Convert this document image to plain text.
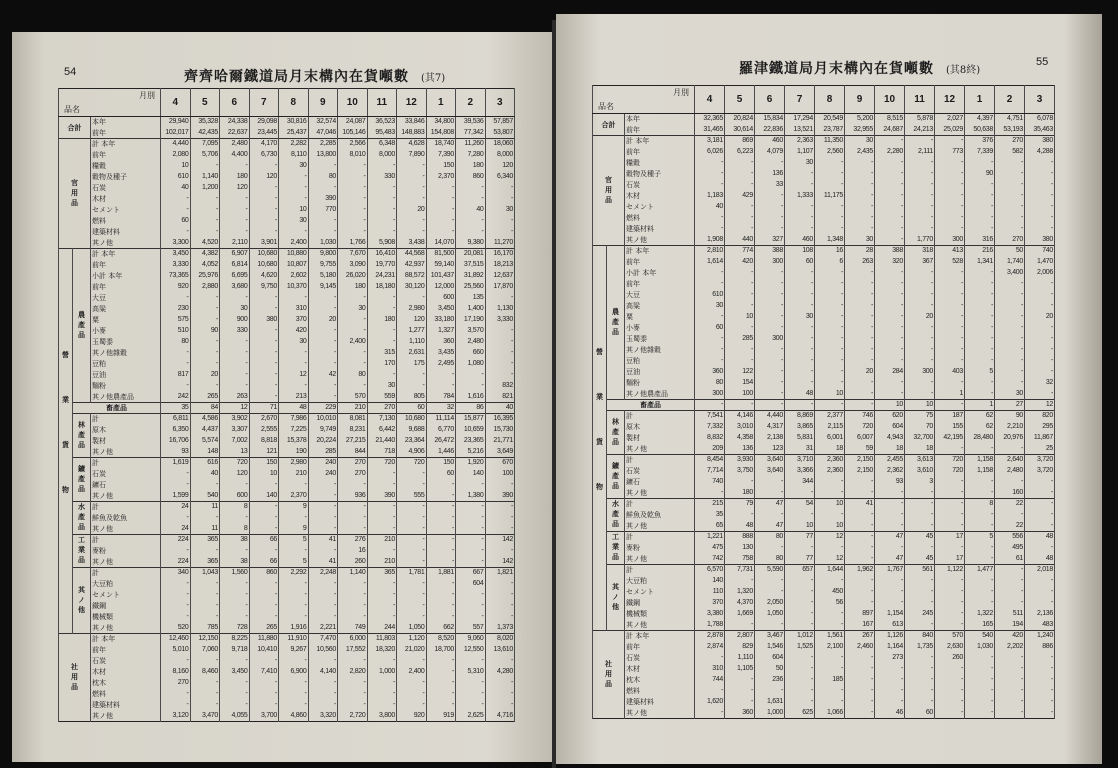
54	齊齊哈爾鐵道局月末構內在貨噸數 (其7)
月別
品名			4	5	6	7	8	9	10	11	12	1	2	3
合計		本年	29,940	35,328	24,338	29,098	30,816	32,574	24,087	36,523	33,846	34,800	39,536	57,857
		前年	102,017	42,435	22,637	23,445	25,437	47,046	105,146	95,483	148,883	154,808	77,342	53,807
官用品		計 本年	4,440	7,095	2,480	4,170	2,282	2,285	2,566	6,348	4,628	18,740	11,260	18,060
		前年	2,080	5,706	4,400	6,730	8,110	13,800	8,010	8,000	7,890	7,390	7,280	8,000
		糧穀	10	-	-	-	30	-	-	-	-	150	180	120
		穀物及種子	610	1,140	180	120	-	80	-	330	-	2,370	860	6,340
		石炭	40	1,200	120	-	-	-	-	-	-	-	-	-
		木材	-	-	-	-	-	390	-	-	-	-	-	-
		セメント	-	-	-	-	10	770	-	-	20	-	40	30
		燃料	60	-	-	-	30	-	-	-	-	-	-	-
		建築材料	-	-	-	-	-	-	-	-	-	-	-	-
		其ノ他	3,300	4,520	2,110	3,901	2,400	1,030	1,766	5,908	3,438	14,070	9,380	11,270
營業貨物	農產品	計 本年	3,450	4,382	6,907	10,680	10,880	9,800	7,670	16,410	44,568	81,500	20,081	16,170
		前年	3,330	4,052	6,814	10,680	10,807	9,755	3,090	19,770	42,937	59,140	37,515	18,213
		小計 本年	73,365	25,976	6,695	4,620	2,602	5,180	26,020	24,231	88,572	101,437	31,892	12,637
		前年	920	2,880	3,680	9,750	10,370	9,145	180	18,180	30,120	12,000	25,560	17,870
		大豆	-	-	-	-	-	-	-	-	-	600	135	-
		高粱	230	-	30	-	310	-	30	-	2,980	3,450	1,400	1,130
		粟	575	-	900	380	370	20	-	180	120	33,180	17,190	3,330
		小麥	510	90	330	-	420	-	-	-	1,277	1,327	3,570	-
		玉蜀黍	80	-	-	-	30	-	2,400	-	1,110	360	2,480	-
		其ノ他雜穀	-	-	-	-	-	-	-	315	2,631	3,435	660	-
		豆粕	-	-	-	-	-	-	-	170	175	2,495	1,080	-
		豆油	817	20	-	-	12	42	80	-	-	-	-	-
		麵粉	-	-	-	-	-	-	-	30	-	-	-	832
		其ノ他農產品	242	265	263	-	213	-	570	559	805	784	1,616	821
	畜產品		35	84	12	71	48	229	210	270	60	32	86	40
	林產品	計	6,811	4,586	3,902	2,670	7,986	10,010	8,081	7,130	10,680	11,114	15,877	16,395
		原木	6,350	4,437	3,307	2,555	7,225	9,749	8,231	6,442	9,688	6,770	10,659	15,730
		製材	16,706	5,574	7,002	8,818	15,378	20,224	27,215	21,440	23,364	26,472	23,365	21,771
		其ノ他	93	148	13	121	190	285	844	718	4,906	1,446	5,216	3,649
	鑛產品	計	1,619	616	720	150	2,980	240	270	720	720	150	1,920	670
		石炭	-	40	120	10	210	240	270	-	-	60	140	100
		鑛石	-	-	-	-	-	-	-	-	-	-	-	-
		其ノ他	1,599	540	600	140	2,370	-	936	390	555	-	1,380	390
	水產品	計	24	11	8	-	9	-	-	-	-	-	-	-
		鮮魚及乾魚	-	-	-	-	-	-	-	-	-	-	-	-
		其ノ他	24	11	8	-	9	-	-	-	-	-	-	-
	工業品	計	224	365	38	66	5	41	276	210	-	-	-	142
		麥粉	-	-	-	-	-	-	16	-	-	-	-	-
		其ノ他	224	365	38	66	5	41	260	210	-	-	-	142
	其ノ他	計	340	1,043	1,560	860	2,292	2,248	1,140	365	1,781	1,881	667	1,821
		大豆粕	-	-	-	-	-	-	-	-	-	-	604	-
		セメント	-	-	-	-	-	-	-	-	-	-	-	-
		鐵鋼	-	-	-	-	-	-	-	-	-	-	-	-
		機械類	-	-	-	-	-	-	-	-	-	-	-	-
		其ノ他	520	785	728	265	1,916	2,221	749	244	1,050	662	557	1,373
社用品		計 本年	12,460	12,150	8,225	11,880	11,910	7,470	6,000	11,803	1,120	8,520	9,060	8,020
		前年	5,010	7,060	9,718	10,410	9,267	10,560	17,552	18,320	21,020	18,700	12,550	13,610
		石炭	-	-	-	-	-	-	-	-	-	-	-	-
		木材	8,160	8,460	3,450	7,410	6,900	4,140	2,820	1,000	2,400	-	5,310	4,280
		枕木	270	-	-	-	-	-	-	-	-	-	-	-
		燃料	-	-	-	-	-	-	-	-	-	-	-	-
		建築材料	-	-	-	-	-	-	-	-	-	-	-	-
		其ノ他	3,120	3,470	4,055	3,700	4,860	3,320	2,720	3,800	920	919	2,625	4,716
羅津鐵道局月末構內在貨噸數 (其8終)
55
月別
品名			4	5	6	7	8	9	10	11	12	1	2	3
合計		本年	32,365	20,824	15,834	17,294	20,549	5,200	8,515	5,878	2,027	4,397	4,751	6,078
		前年	31,465	30,614	22,836	13,521	23,787	32,955	24,687	24,213	25,029	50,638	53,193	35,463
官用品		計 本年	3,181	869	460	2,363	11,350	30	-	-	-	376	270	380
		前年	6,026	6,223	4,079	1,107	2,560	2,435	2,280	2,111	773	7,339	582	4,288
		糧穀	-	-	-	30	-	-	-	-	-	-	-	-
		穀物及種子	-	-	136	-	-	-	-	-	-	90	-	-
		石炭	-	-	33	-	-	-	-	-	-	-	-	-
		木材	1,183	429	-	1,333	11,175	-	-	-	-	-	-	-
		セメント	40	-	-	-	-	-	-	-	-	-	-	-
		燃料	-	-	-	-	-	-	-	-	-	-	-	-
		建築材料	-	-	-	-	-	-	-	-	-	-	-	-
		其ノ他	1,908	440	327	460	1,348	30	-	1,770	300	316	270	380
營業貨物	農產品	計 本年	2,810	774	388	108	16	28	388	318	413	216	50	740
		前年	1,614	420	300	60	6	263	320	367	528	1,341	1,740	1,470
		小計 本年	-	-	-	-	-	-	-	-	-	-	3,400	2,006
		前年	-	-	-	-	-	-	-	-	-	-	-	-
		大豆	610	-	-	-	-	-	-	-	-	-	-	-
		高粱	30	-	-	-	-	-	-	-	-	-	-	-
		粟	-	10	-	30	-	-	-	20	-	-	-	20
		小麥	60	-	-	-	-	-	-	-	-	-	-	-
		玉蜀黍	-	285	300	-	-	-	-	-	-	-	-	-
		其ノ他雜穀	-	-	-	-	-	-	-	-	-	-	-	-
		豆粕	-	-	-	-	-	-	-	-	-	-	-	-
		豆油	360	122	-	-	-	20	284	300	403	5	-	-
		麵粉	80	154	-	-	-	-	-	-	-	-	-	32
		其ノ他農產品	300	100	-	48	10	-	-	-	1	-	30	-
	畜產品		-	-	-	-	-	-	10	10	-	1	27	12
	林產品	計	7,541	4,146	4,440	8,869	2,377	746	620	75	187	62	90	820
		原木	7,332	3,010	4,317	3,865	2,115	720	604	70	155	62	2,210	295
		製材	8,832	4,358	2,138	5,831	6,001	6,007	4,943	32,700	42,195	28,480	20,976	11,867
		其ノ他	209	136	123	31	18	59	18	18	-	-	-	25
	鑛產品	計	8,454	3,930	3,640	3,710	2,360	2,150	2,455	3,613	720	1,158	2,640	3,720
		石炭	7,714	3,750	3,640	3,366	2,360	2,150	2,362	3,610	720	1,158	2,480	3,720
		鑛石	740	-	-	344	-	-	93	3	-	-	-	-
		其ノ他	-	180	-	-	-	-	-	-	-	-	160	-
	水產品	計	215	79	47	54	10	41	-	-	-	8	22	-
		鮮魚及乾魚	35	-	-	-	-	-	-	-	-	-	-	-
		其ノ他	65	48	47	10	10	-	-	-	-	-	22	-
	工業品	計	1,221	888	80	77	12	-	47	45	17	5	556	48
		麥粉	475	130	-	-	-	-	-	-	-	-	495	-
		其ノ他	742	758	80	77	12	-	47	45	17	-	61	48
	其ノ他	計	6,570	7,731	5,590	657	1,644	1,962	1,767	561	1,122	1,477	-	2,018
		大豆粕	140	-	-	-	-	-	-	-	-	-	-	-
		セメント	110	1,320	-	-	450	-	-	-	-	-	-	-
		鐵鋼	370	4,370	2,050	-	56	-	-	-	-	-	-	-
		機械類	3,380	1,669	1,050	-	-	897	1,154	245	-	1,322	511	2,136
		其ノ他	1,788	-	-	-	-	167	613	-	-	165	194	483
社用品		計 本年	2,878	2,807	3,467	1,012	1,561	267	1,126	840	570	540	420	1,240
		前年	2,874	829	1,546	1,525	2,100	2,460	1,164	1,735	2,630	1,030	2,202	886
		石炭	-	1,110	604	-	-	-	273	-	260	-	-	-
		木材	310	1,105	50	-	-	-	-	-	-	-	-	-
		枕木	744	-	236	-	185	-	-	-	-	-	-	-
		燃料	-	-	-	-	-	-	-	-	-	-	-	-
		建築材料	1,620	-	1,631	-	-	-	-	-	-	-	-	-
		其ノ他	-	360	1,000	625	1,066	-	46	60	-	-	-	-
